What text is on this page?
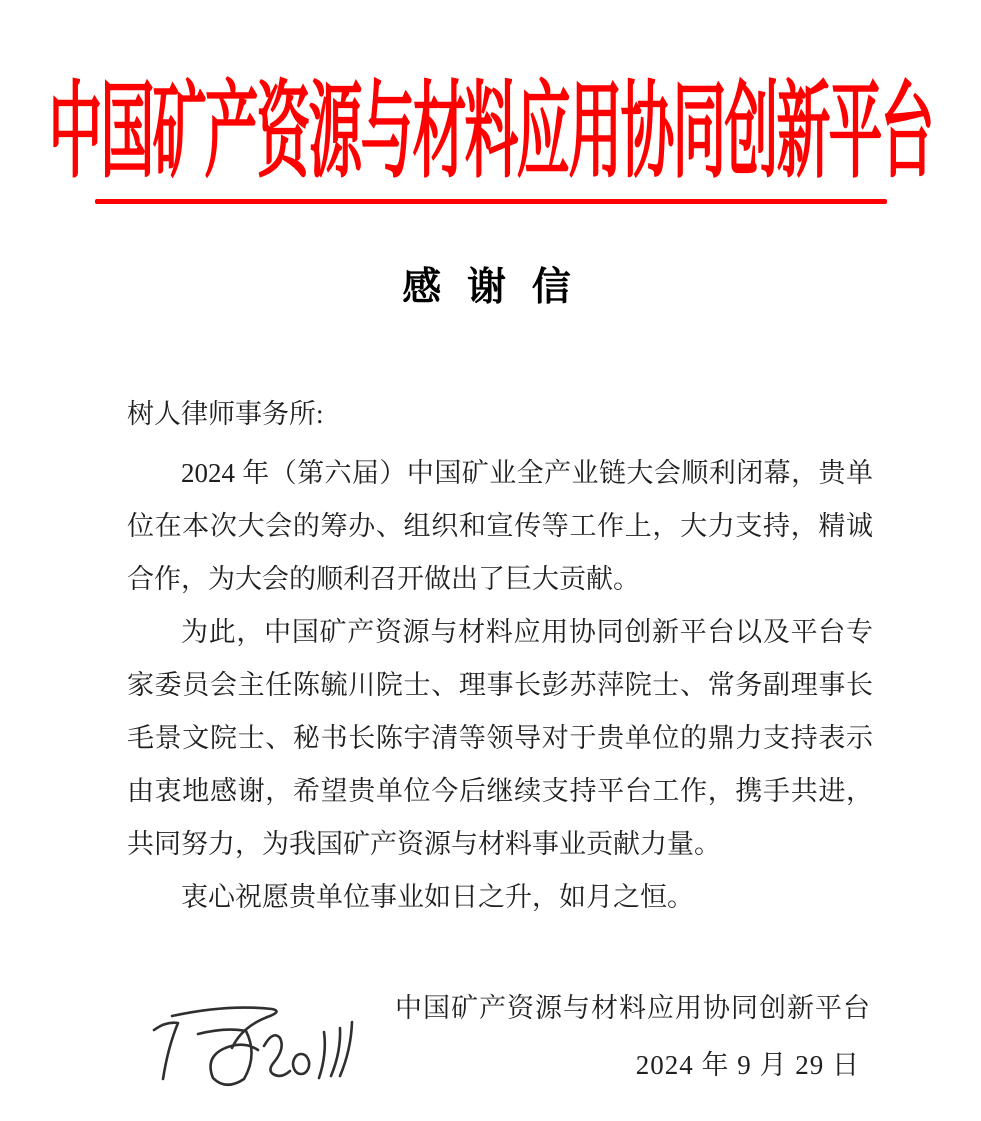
中国矿产资源与材料应用协同创新平台
感 谢 信

树人律师事务所:

2024 年（第六届）中国矿业全产业链大会顺利闭幕，贵单位在本次大会的筹办、组织和宣传等工作上，大力支持，精诚合作，为大会的顺利召开做出了巨大贡献。

为此，中国矿产资源与材料应用协同创新平台以及平台专家委员会主任陈毓川院士、理事长彭苏萍院士、常务副理事长毛景文院士、秘书长陈宇清等领导对于贵单位的鼎力支持表示由衷地感谢，希望贵单位今后继续支持平台工作，携手共进，共同努力，为我国矿产资源与材料事业贡献力量。

衷心祝愿贵单位事业如日之升，如月之恒。

中国矿产资源与材料应用协同创新平台
2024 年 9 月 29 日
